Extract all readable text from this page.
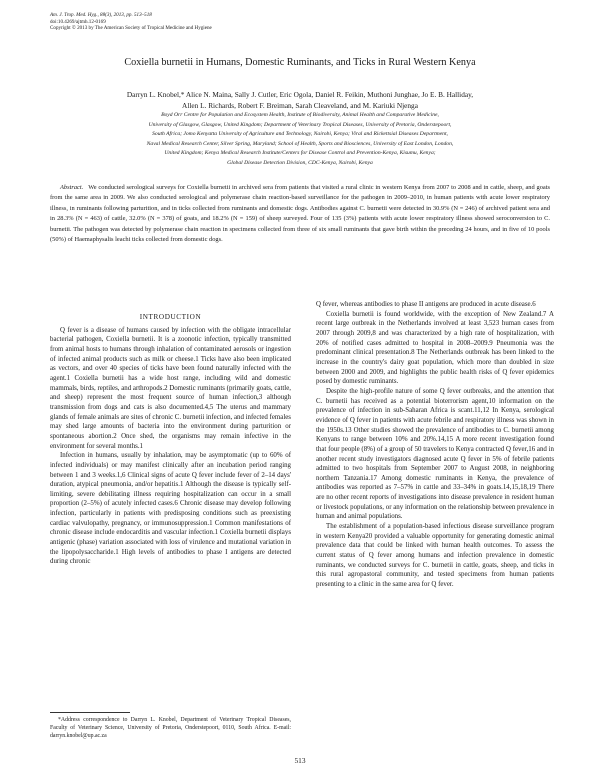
Am. J. Trop. Med. Hyg., 88(3), 2013, pp. 513–518
doi:10.4269/ajtmh.12-0169
Copyright © 2013 by The American Society of Tropical Medicine and Hygiene
Coxiella burnetii in Humans, Domestic Ruminants, and Ticks in Rural Western Kenya
Darryn L. Knobel,* Alice N. Maina, Sally J. Cutler, Eric Ogola, Daniel R. Feikin, Muthoni Junghae, Jo E. B. Halliday,
Allen L. Richards, Robert F. Breiman, Sarah Cleaveland, and M. Kariuki Njenga
Boyd Orr Centre for Population and Ecosystem Health, Institute of Biodiversity, Animal Health and Comparative Medicine,
University of Glasgow, Glasgow, United Kingdom; Department of Veterinary Tropical Diseases, University of Pretoria, Onderstepoort,
South Africa; Jomo Kenyatta University of Agriculture and Technology, Nairobi, Kenya; Viral and Rickettsial Diseases Department,
Naval Medical Research Center, Silver Spring, Maryland; School of Health, Sports and Biosciences, University of East London, London,
United Kingdom; Kenya Medical Research Institute/Centers for Disease Control and Prevention-Kenya, Kisumu, Kenya;
Global Disease Detection Division, CDC-Kenya, Nairobi, Kenya
Abstract. We conducted serological surveys for Coxiella burnetii in archived sera from patients that visited a rural clinic in western Kenya from 2007 to 2008 and in cattle, sheep, and goats from the same area in 2009. We also conducted serological and polymerase chain reaction-based surveillance for the pathogen in 2009–2010, in human patients with acute lower respiratory illness, in ruminants following parturition, and in ticks collected from ruminants and domestic dogs. Antibodies against C. burnetii were detected in 30.9% (N = 246) of archived patient sera and in 28.3% (N = 463) of cattle, 32.0% (N = 378) of goats, and 18.2% (N = 159) of sheep surveyed. Four of 135 (3%) patients with acute lower respiratory illness showed seroconversion to C. burnetii. The pathogen was detected by polymerase chain reaction in specimens collected from three of six small ruminants that gave birth within the preceding 24 hours, and in five of 10 pools (50%) of Haemaphysalis leachi ticks collected from domestic dogs.
INTRODUCTION

Q fever is a disease of humans caused by infection with the obligate intracellular bacterial pathogen, Coxiella burnetii. It is a zoonotic infection, typically transmitted from animal hosts to humans through inhalation of contaminated aerosols or ingestion of infected animal products such as milk or cheese.1 Ticks have also been implicated as vectors, and over 40 species of ticks have been found naturally infected with the agent.1 Coxiella burnetii has a wide host range, including wild and domestic mammals, birds, reptiles, and arthropods.2 Domestic ruminants (primarily goats, cattle, and sheep) represent the most frequent source of human infection,3 although transmission from dogs and cats is also documented.4,5 The uterus and mammary glands of female animals are sites of chronic C. burnetii infection, and infected females may shed large amounts of bacteria into the environment during parturition or spontaneous abortion.2 Once shed, the organisms may remain infective in the environment for several months.1

Infection in humans, usually by inhalation, may be asymptomatic (up to 60% of infected individuals) or may manifest clinically after an incubation period ranging between 1 and 3 weeks.1,6 Clinical signs of acute Q fever include fever of 2–14 days' duration, atypical pneumonia, and/or hepatitis.1 Although the disease is typically self-limiting, severe debilitating illness requiring hospitalization can occur in a small proportion (2–5%) of acutely infected cases.6 Chronic disease may develop following infection, particularly in patients with predisposing conditions such as preexisting cardiac valvulopathy, pregnancy, or immunosuppression.1 Common manifestations of chronic disease include endocarditis and vascular infection.1 Coxiella burnetii displays antigenic (phase) variation associated with loss of virulence and mutational variation in the lipopolysaccharide.1 High levels of antibodies to phase I antigens are detected during chronic

Q fever, whereas antibodies to phase II antigens are produced in acute disease.6

Coxiella burnetii is found worldwide, with the exception of New Zealand.7 A recent large outbreak in the Netherlands involved at least 3,523 human cases from 2007 through 2009,8 and was characterized by a high rate of hospitalization, with 20% of notified cases admitted to hospital in 2008–2009.9 Pneumonia was the predominant clinical presentation.8 The Netherlands outbreak has been linked to the increase in the country's dairy goat population, which more than doubled in size between 2000 and 2009, and highlights the public health risks of Q fever epidemics posed by domestic ruminants.

Despite the high-profile nature of some Q fever outbreaks, and the attention that C. burnetii has received as a potential bioterrorism agent,10 information on the prevalence of infection in sub-Saharan Africa is scant.11,12 In Kenya, serological evidence of Q fever in patients with acute febrile and respiratory illness was shown in the 1950s.13 Other studies showed the prevalence of antibodies to C. burnetii among Kenyans to range between 10% and 20%.14,15 A more recent investigation found that four people (8%) of a group of 50 travelers to Kenya contracted Q fever,16 and in another recent study investigators diagnosed acute Q fever in 5% of febrile patients admitted to two hospitals from September 2007 to August 2008, in neighboring northern Tanzania.17 Among domestic ruminants in Kenya, the prevalence of antibodies was reported as 7–57% in cattle and 33–34% in goats.14,15,18,19 There are no other recent reports of investigations into disease prevalence in resident human or livestock populations, or any information on the relationship between prevalence in human and animal populations.

The establishment of a population-based infectious disease surveillance program in western Kenya20 provided a valuable opportunity for generating domestic animal prevalence data that could be linked with human health outcomes. To assess the current status of Q fever among humans and infection prevalence in domestic ruminants, we conducted surveys for C. burnetii in cattle, goats, sheep, and ticks in this rural agropastoral community, and tested specimens from human patients presenting to a clinic in the same area for Q fever.

*Address correspondence to Darryn L. Knobel, Department of Veterinary Tropical Diseases, Faculty of Veterinary Science, University of Pretoria, Onderstepoort, 0110, South Africa. E-mail: darryn.knobel@up.ac.za
513
